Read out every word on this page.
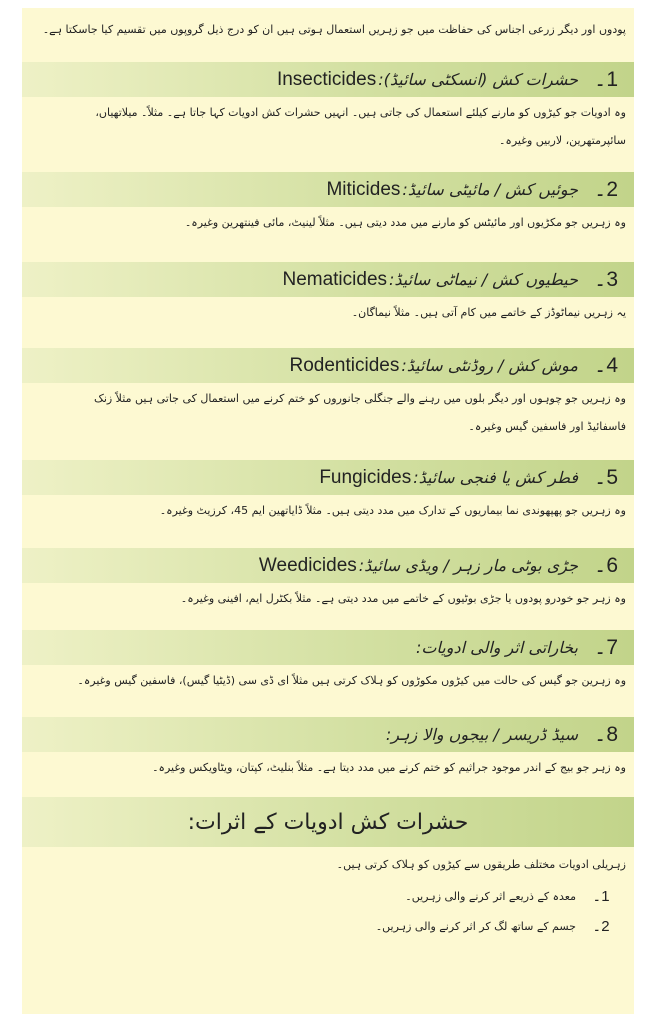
پودوں اور دیگر زرعی اجناس کی حفاظت میں جو زہریں استعمال ہوتی ہیں ان کو درج ذیل گروپوں میں تقسیم کیا جاسکتا ہے۔
1۔
حشرات کش (انسکٹی سائیڈ):
Insecticides
وہ ادویات جو کیڑوں کو مارنے کیلئے استعمال کی جاتی ہیں۔ انہیں حشرات کش ادویات کہا جاتا ہے۔ مثلاً۔ میلاتھیاں،
سائپرمتھرین، لاربیں وغیرہ۔
2۔
جوئیں کش / مائیٹی سائیڈ:
Miticides
وہ زہریں جو مکڑیوں اور مائیٹس کو مارنے میں مدد دیتی ہیں۔ مثلاً لینیٹ، مائی فینتھرین وغیرہ۔
3۔
حیطیوں کش / نیماٹی سائیڈ:
Nematicides
یہ زہریں نیماٹوڈز کے خاتمے میں کام آتی ہیں۔ مثلاً نیماگان۔
4۔
موش کش / روڈنٹی سائیڈ:
Rodenticides
وہ زہریں جو چوہوں اور دیگر بلوں میں رہنے والے جنگلی جانوروں کو ختم کرنے میں استعمال کی جاتی ہیں مثلاً زنک
فاسفائیڈ اور فاسفین گیس وغیرہ۔
5۔
فطر کش یا فنجی سائیڈ:
Fungicides
وہ زہریں جو پھپھوندی نما بیماریوں کے تدارک میں مدد دیتی ہیں۔ مثلاً ڈایاتھین ایم 45، کرزیٹ وغیرہ۔
6۔
جڑی بوٹی مار زہر / ویڈی سائیڈ:
Weedicides
وہ زہر جو خودرو پودوں یا جڑی بوٹیوں کے خاتمے میں مدد دیتی ہے۔ مثلاً بکٹرل ایم، افینی وغیرہ۔
7۔
بخاراتی اثر والی ادویات:
وہ زہرین جو گیس کی حالت میں کیڑوں مکوڑوں کو ہلاک کرتی ہیں مثلاً ای ڈی سی (ڈیٹیا گیس)، فاسفین گیس وغیرہ۔
8۔
سیڈ ڈریسر / بیجوں والا زہر:
وہ زہر جو بیج کے اندر موجود جراثیم کو ختم کرنے میں مدد دیتا ہے۔ مثلاً بنلیٹ، کپتان، ویٹاویکس وغیرہ۔
حشرات کش ادویات کے اثرات:
زہریلی ادویات مختلف طریقوں سے کیڑوں کو ہلاک کرتی ہیں۔
1۔
معدہ کے ذریعے اثر کرنے والی زہریں۔
2۔
جسم کے ساتھ لگ کر اثر کرنے والی زہریں۔
